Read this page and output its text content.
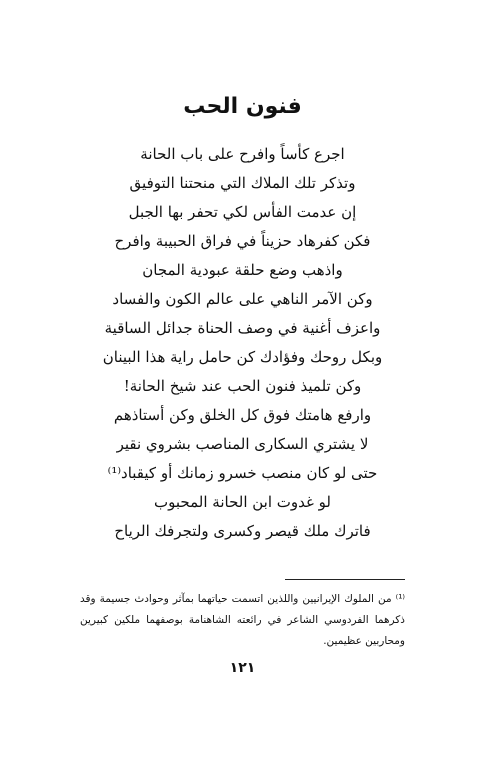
فنون الحب
اجرع كأساً وافرح على باب الحانة
وتذكر تلك الملاك التي منحتنا التوفيق
إن عدمت الفأس لكي تحفر بها الجبل
فكن كفرهاد حزيناً في فراق الحبيبة وافرح
واذهب وضع حلقة عبودية المجان
وكن الآمر الناهي على عالم الكون والفساد
واعزف أغنية في وصف الحناة جدائل الساقية
وبكل روحك وفؤادك كن حامل راية هذا البينان
وكن تلميذ فنون الحب عند شيخ الحانة!
وارفع هامتك فوق كل الخلق وكن أستاذهم
لا يشتري السكارى المناصب بشروي نقير
حتى لو كان منصب خسرو زمانك أو كيقباد⁽¹⁾
لو غدوت ابن الحانة المحبوب
فاترك ملك قيصر وكسرى ولتجرفك الرياح

⁽¹⁾ من الملوك الإيرانيين واللذين اتسمت حياتهما بمآثر وحوادث جسيمة وقد ذكرهما الفردوسي الشاعر في رائعته الشاهنامة بوصفهما ملكين كبيرين ومحاربين عظيمين.

١٢١
